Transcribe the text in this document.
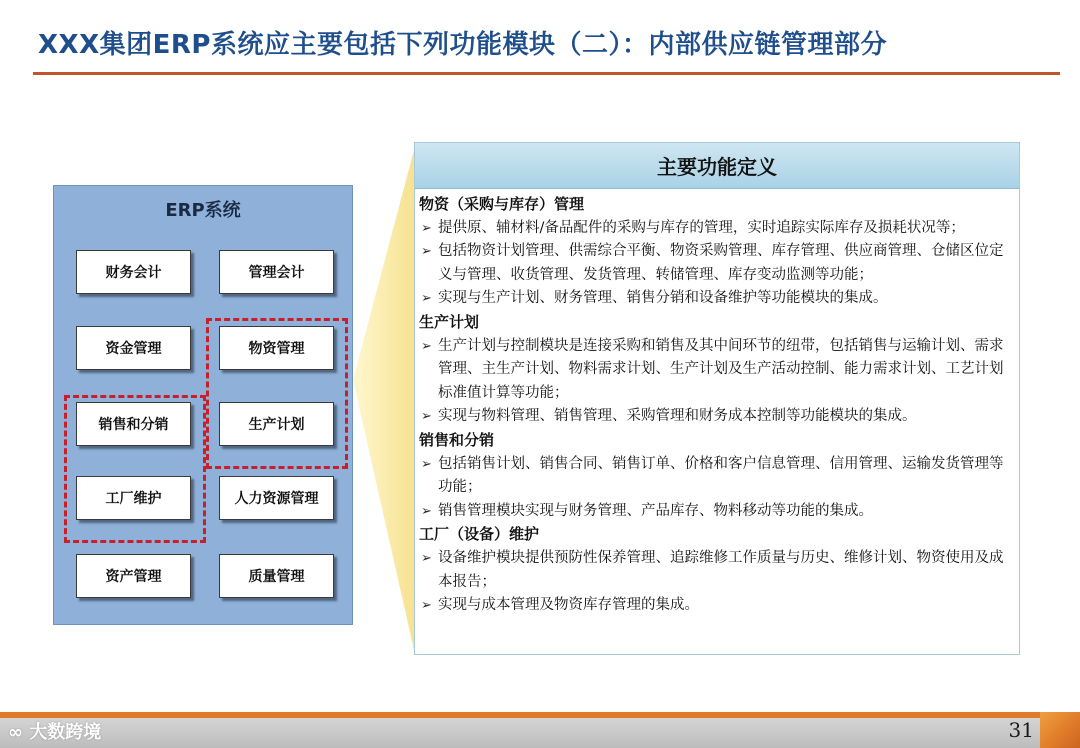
XXX集团ERP系统应主要包括下列功能模块（二）：内部供应链管理部分
ERP系统
财务会计	管理会计
资金管理	物资管理
销售和分销	生产计划
工厂维护	人力资源管理
资产管理	质量管理
主要功能定义
物资（采购与库存）管理
➢ 提供原、辅材料/备品配件的采购与库存的管理，实时追踪实际库存及损耗状况等；
➢ 包括物资计划管理、供需综合平衡、物资采购管理、库存管理、供应商管理、仓储区位定义与管理、收货管理、发货管理、转储管理、库存变动监测等功能；
➢ 实现与生产计划、财务管理、销售分销和设备维护等功能模块的集成。
生产计划
➢ 生产计划与控制模块是连接采购和销售及其中间环节的纽带，包括销售与运输计划、需求管理、主生产计划、物料需求计划、生产计划及生产活动控制、能力需求计划、工艺计划标准值计算等功能；
➢ 实现与物料管理、销售管理、采购管理和财务成本控制等功能模块的集成。
销售和分销
➢ 包括销售计划、销售合同、销售订单、价格和客户信息管理、信用管理、运输发货管理等功能；
➢ 销售管理模块实现与财务管理、产品库存、物料移动等功能的集成。
工厂（设备）维护
➢ 设备维护模块提供预防性保养管理、追踪维修工作质量与历史、维修计划、物资使用及成本报告；
➢ 实现与成本管理及物资库存管理的集成。
∞ 大数跨境	31
